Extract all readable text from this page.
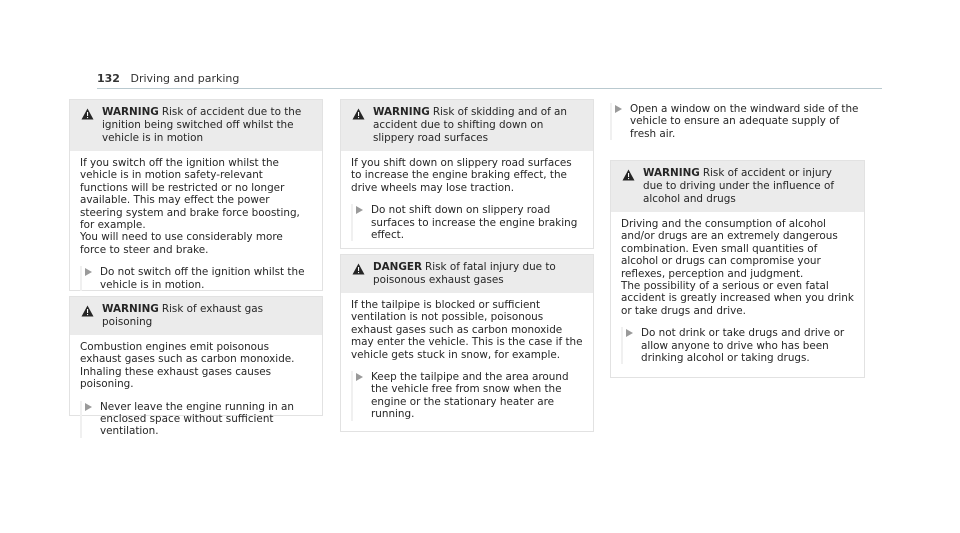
132 Driving and parking
WARNING Risk of accident due to the ignition being switched off whilst the vehicle is in motion

If you switch off the ignition whilst the vehicle is in motion safety-relevant functions will be restricted or no longer available. This may effect the power steering system and brake force boosting, for example.

You will need to use considerably more force to steer and brake.

Do not switch off the ignition whilst the vehicle is in motion.
WARNING Risk of exhaust gas poisoning

Combustion engines emit poisonous exhaust gases such as carbon monoxide. Inhaling these exhaust gases causes poisoning.

Never leave the engine running in an enclosed space without sufficient ventilation.
WARNING Risk of skidding and of an accident due to shifting down on slippery road surfaces

If you shift down on slippery road surfaces to increase the engine braking effect, the drive wheels may lose traction.

Do not shift down on slippery road surfaces to increase the engine braking effect.
DANGER Risk of fatal injury due to poisonous exhaust gases

If the tailpipe is blocked or sufficient ventilation is not possible, poisonous exhaust gases such as carbon monoxide may enter the vehicle. This is the case if the vehicle gets stuck in snow, for example.

Keep the tailpipe and the area around the vehicle free from snow when the engine or the stationary heater are running.
Open a window on the windward side of the vehicle to ensure an adequate supply of fresh air.
WARNING Risk of accident or injury due to driving under the influence of alcohol and drugs

Driving and the consumption of alcohol and/or drugs are an extremely dangerous combination. Even small quantities of alcohol or drugs can compromise your reflexes, perception and judgment.

The possibility of a serious or even fatal accident is greatly increased when you drink or take drugs and drive.

Do not drink or take drugs and drive or allow anyone to drive who has been drinking alcohol or taking drugs.
